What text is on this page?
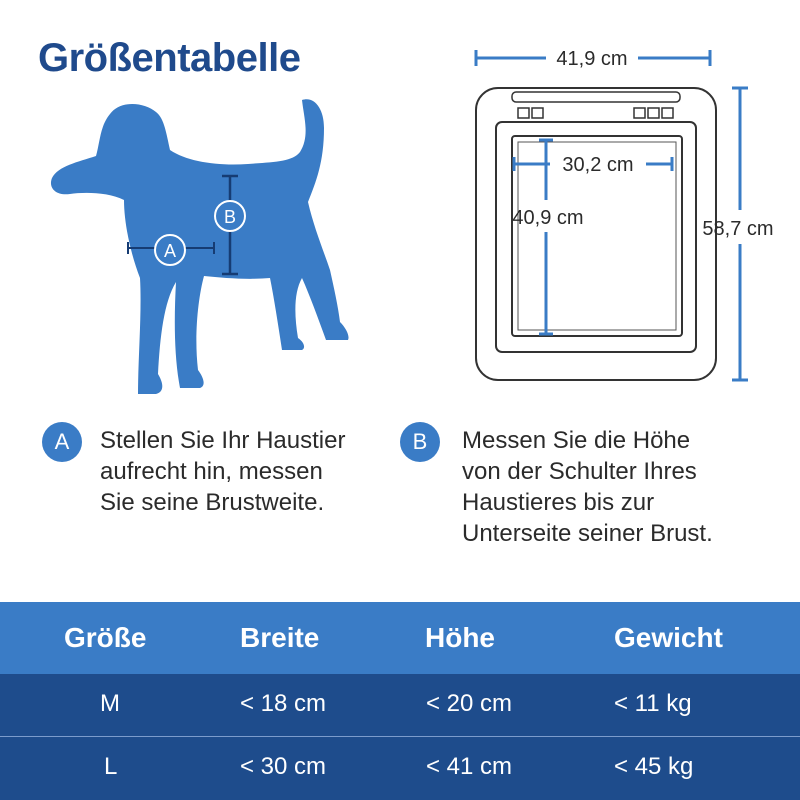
Größentabelle
A
B
41,9 cm
30,2 cm
40,9 cm	58,7 cm
A	Stellen Sie Ihr Haustier
aufrecht hin, messen
Sie seine Brustweite.

B	Messen Sie die Höhe
von der Schulter Ihres
Haustieres bis zur
Unterseite seiner Brust.

Größe	Breite	Höhe	Gewicht
M	< 18 cm	< 20 cm	< 11 kg
L	< 30 cm	< 41 cm	< 45 kg
